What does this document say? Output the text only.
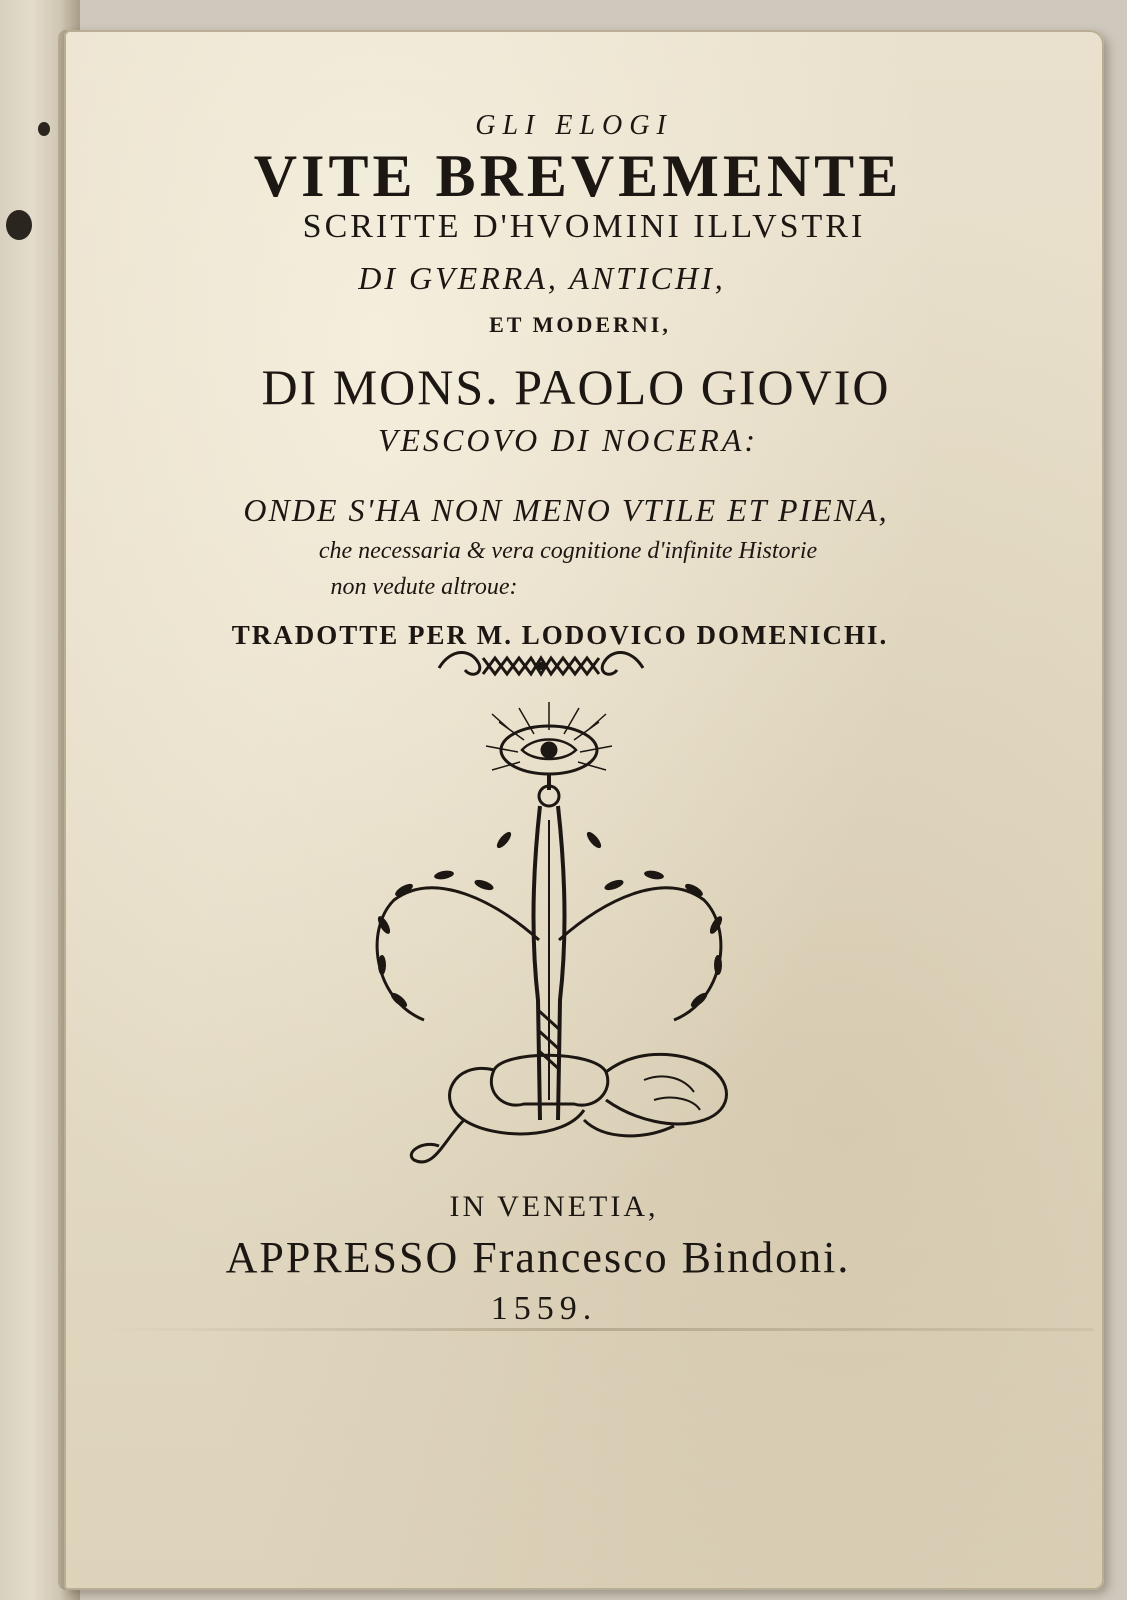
GLI ELOGI
VITE BREVEMENTE
SCRITTE D'HVOMINI ILLVSTRI
DI GVERRA, ANTICHI,
ET MODERNI,
DI MONS. PAOLO GIOVIO
VESCOVO DI NOCERA:
ONDE S'HA NON MENO VTILE ET PIENA,
che necessaria & vera cognitione d'infinite Historie
non vedute altroue:
TRADOTTE PER M. LODOVICO DOMENICHI.
IN VENETIA,
APPRESSO Francesco Bindoni.
1559.
